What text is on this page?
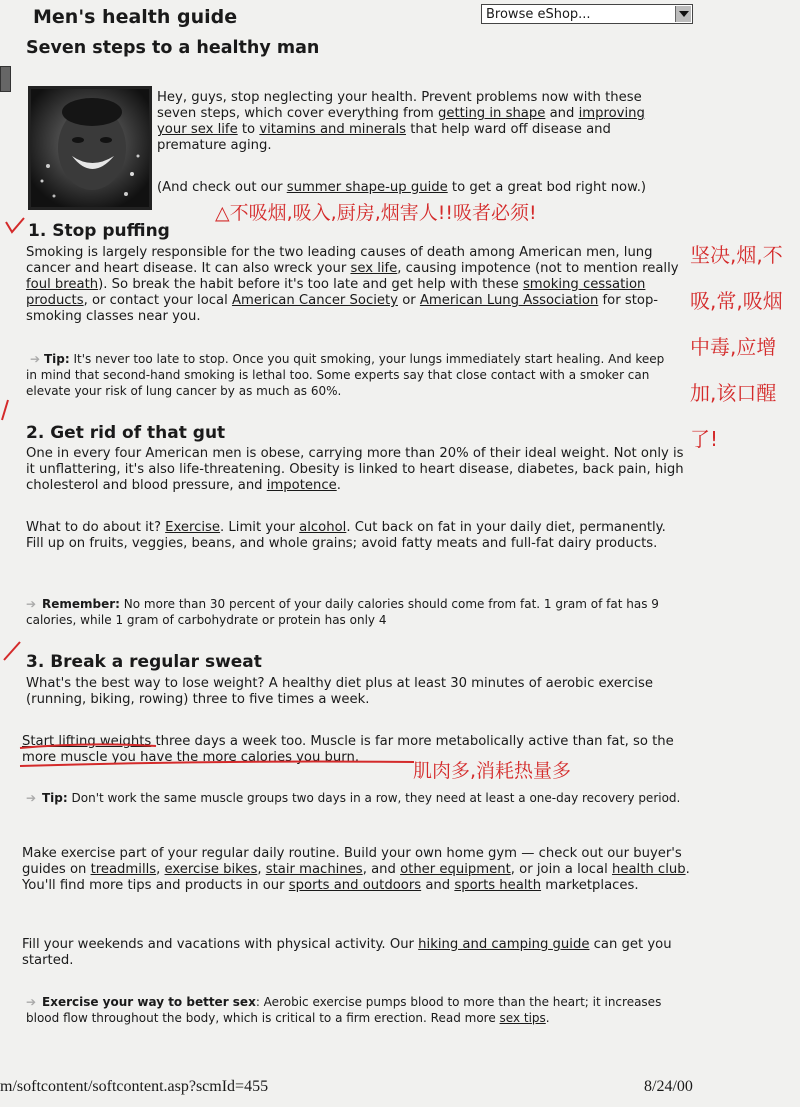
Men's health guide
Seven steps to a healthy man
Browse eShop...
Hey, guys, stop neglecting your health. Prevent problems now with these seven steps, which cover everything from getting in shape and improving your sex life to vitamins and minerals that help ward off disease and premature aging.
(And check out our summer shape-up guide to get a great bod right now.)
1. Stop puffing
Smoking is largely responsible for the two leading causes of death among American men, lung cancer and heart disease. It can also wreck your sex life, causing impotence (not to mention really foul breath). So break the habit before it's too late and get help with these smoking cessation products, or contact your local American Cancer Society or American Lung Association for stop-smoking classes near you.
➔ Tip: It's never too late to stop. Once you quit smoking, your lungs immediately start healing. And keep in mind that second-hand smoking is lethal too. Some experts say that close contact with a smoker can elevate your risk of lung cancer by as much as 60%.
2. Get rid of that gut
One in every four American men is obese, carrying more than 20% of their ideal weight. Not only is it unflattering, it's also life-threatening. Obesity is linked to heart disease, diabetes, back pain, high cholesterol and blood pressure, and impotence.
What to do about it? Exercise. Limit your alcohol. Cut back on fat in your daily diet, permanently. Fill up on fruits, veggies, beans, and whole grains; avoid fatty meats and full-fat dairy products.
➔ Remember: No more than 30 percent of your daily calories should come from fat. 1 gram of fat has 9 calories, while 1 gram of carbohydrate or protein has only 4
3. Break a regular sweat
What's the best way to lose weight? A healthy diet plus at least 30 minutes of aerobic exercise (running, biking, rowing) three to five times a week.
Start lifting weights three days a week too. Muscle is far more metabolically active than fat, so the more muscle you have the more calories you burn.
➔ Tip: Don't work the same muscle groups two days in a row, they need at least a one-day recovery period.
Make exercise part of your regular daily routine. Build your own home gym — check out our buyer's guides on treadmills, exercise bikes, stair machines, and other equipment, or join a local health club. You'll find more tips and products in our sports and outdoors and sports health marketplaces.
Fill your weekends and vacations with physical activity. Our hiking and camping guide can get you started.
➔ Exercise your way to better sex: Aerobic exercise pumps blood to more than the heart; it increases blood flow throughout the body, which is critical to a firm erection. Read more sex tips.
△不吸烟,吸入,厨房,烟害人!!吸者必须!
坚决,烟,不吸,常,吸烟中毒,应增加,该口醒了!
肌肉多,消耗热量多
m/softcontent/softcontent.asp?scmId=455	8/24/00
